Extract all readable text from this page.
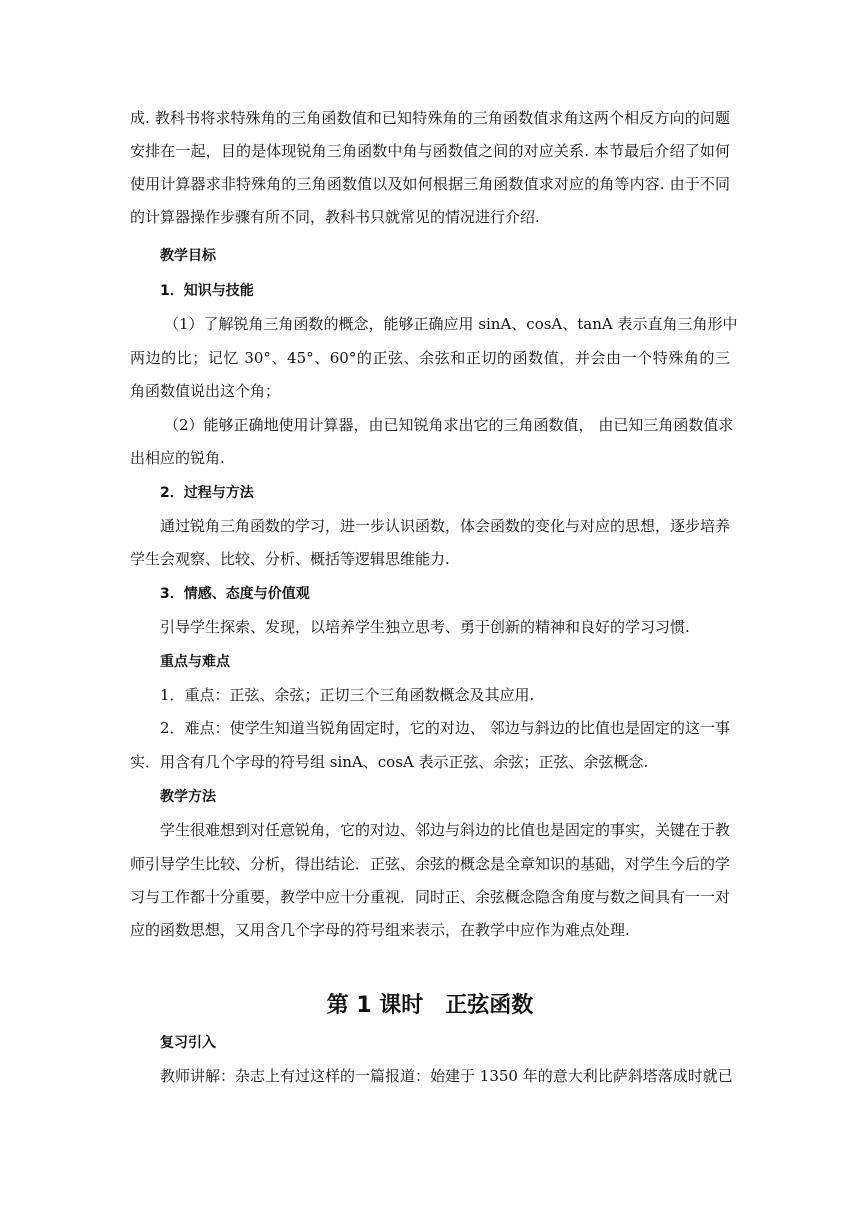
成. 教科书将求特殊角的三角函数值和已知特殊角的三角函数值求角这两个相反方向的问题
安排在一起，目的是体现锐角三角函数中角与函数值之间的对应关系. 本节最后介绍了如何
使用计算器求非特殊角的三角函数值以及如何根据三角函数值求对应的角等内容. 由于不同
的计算器操作步骤有所不同，教科书只就常见的情况进行介绍.
教学目标
1．知识与技能
（1）了解锐角三角函数的概念，能够正确应用 sinA、cosA、tanA 表示直角三角形中
两边的比；记忆 30°、45°、60°的正弦、余弦和正切的函数值，并会由一个特殊角的三
角函数值说出这个角；
（2）能够正确地使用计算器，由已知锐角求出它的三角函数值， 由已知三角函数值求
出相应的锐角.
2．过程与方法
通过锐角三角函数的学习，进一步认识函数，体会函数的变化与对应的思想，逐步培养
学生会观察、比较、分析、概括等逻辑思维能力.
3．情感、态度与价值观
引导学生探索、发现，以培养学生独立思考、勇于创新的精神和良好的学习习惯.
重点与难点
1．重点：正弦、余弦；正切三个三角函数概念及其应用.
2．难点：使学生知道当锐角固定时，它的对边、 邻边与斜边的比值也是固定的这一事
实．用含有几个字母的符号组 sinA、cosA 表示正弦、余弦；正弦、余弦概念.
教学方法
学生很难想到对任意锐角，它的对边、邻边与斜边的比值也是固定的事实，关键在于教
师引导学生比较、分析，得出结论．正弦、余弦的概念是全章知识的基础，对学生今后的学
习与工作都十分重要，教学中应十分重视．同时正、余弦概念隐含角度与数之间具有一一对
应的函数思想，又用含几个字母的符号组来表示，在教学中应作为难点处理.
第 1 课时　正弦函数
复习引入
教师讲解：杂志上有过这样的一篇报道：始建于 1350 年的意大利比萨斜塔落成时就已
